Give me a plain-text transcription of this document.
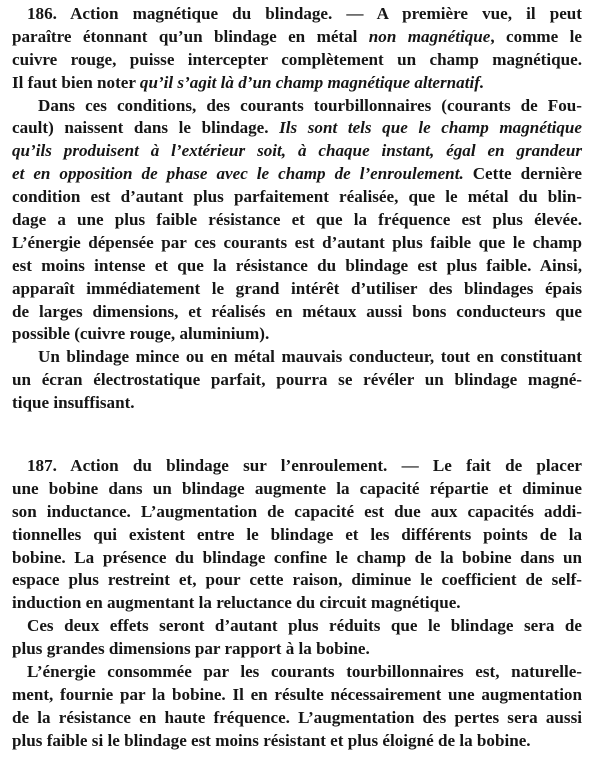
186. Action magnétique du blindage. — A première vue, il peut
paraître étonnant qu’un blindage en métal non magnétique, comme le
cuivre rouge, puisse intercepter complètement un champ magnétique.
Il faut bien noter qu’il s’agit là d’un champ magnétique alternatif.
Dans ces conditions, des courants tourbillonnaires (courants de Fou-
cault) naissent dans le blindage. Ils sont tels que le champ magnétique
qu’ils produisent à l’extérieur soit, à chaque instant, égal en grandeur
et en opposition de phase avec le champ de l’enroulement. Cette dernière
condition est d’autant plus parfaitement réalisée, que le métal du blin-
dage a une plus faible résistance et que la fréquence est plus élevée.
L’énergie dépensée par ces courants est d’autant plus faible que le champ
est moins intense et que la résistance du blindage est plus faible. Ainsi,
apparaît immédiatement le grand intérêt d’utiliser des blindages épais
de larges dimensions, et réalisés en métaux aussi bons conducteurs que
possible (cuivre rouge, aluminium).
Un blindage mince ou en métal mauvais conducteur, tout en constituant
un écran électrostatique parfait, pourra se révéler un blindage magné-
tique insuffisant.
187. Action du blindage sur l’enroulement. — Le fait de placer
une bobine dans un blindage augmente la capacité répartie et diminue
son inductance. L’augmentation de capacité est due aux capacités addi-
tionnelles qui existent entre le blindage et les différents points de la
bobine. La présence du blindage confine le champ de la bobine dans un
espace plus restreint et, pour cette raison, diminue le coefficient de self-
induction en augmentant la reluctance du circuit magnétique.
Ces deux effets seront d’autant plus réduits que le blindage sera de
plus grandes dimensions par rapport à la bobine.
L’énergie consommée par les courants tourbillonnaires est, naturelle-
ment, fournie par la bobine. Il en résulte nécessairement une augmentation
de la résistance en haute fréquence. L’augmentation des pertes sera aussi
plus faible si le blindage est moins résistant et plus éloigné de la bobine.
